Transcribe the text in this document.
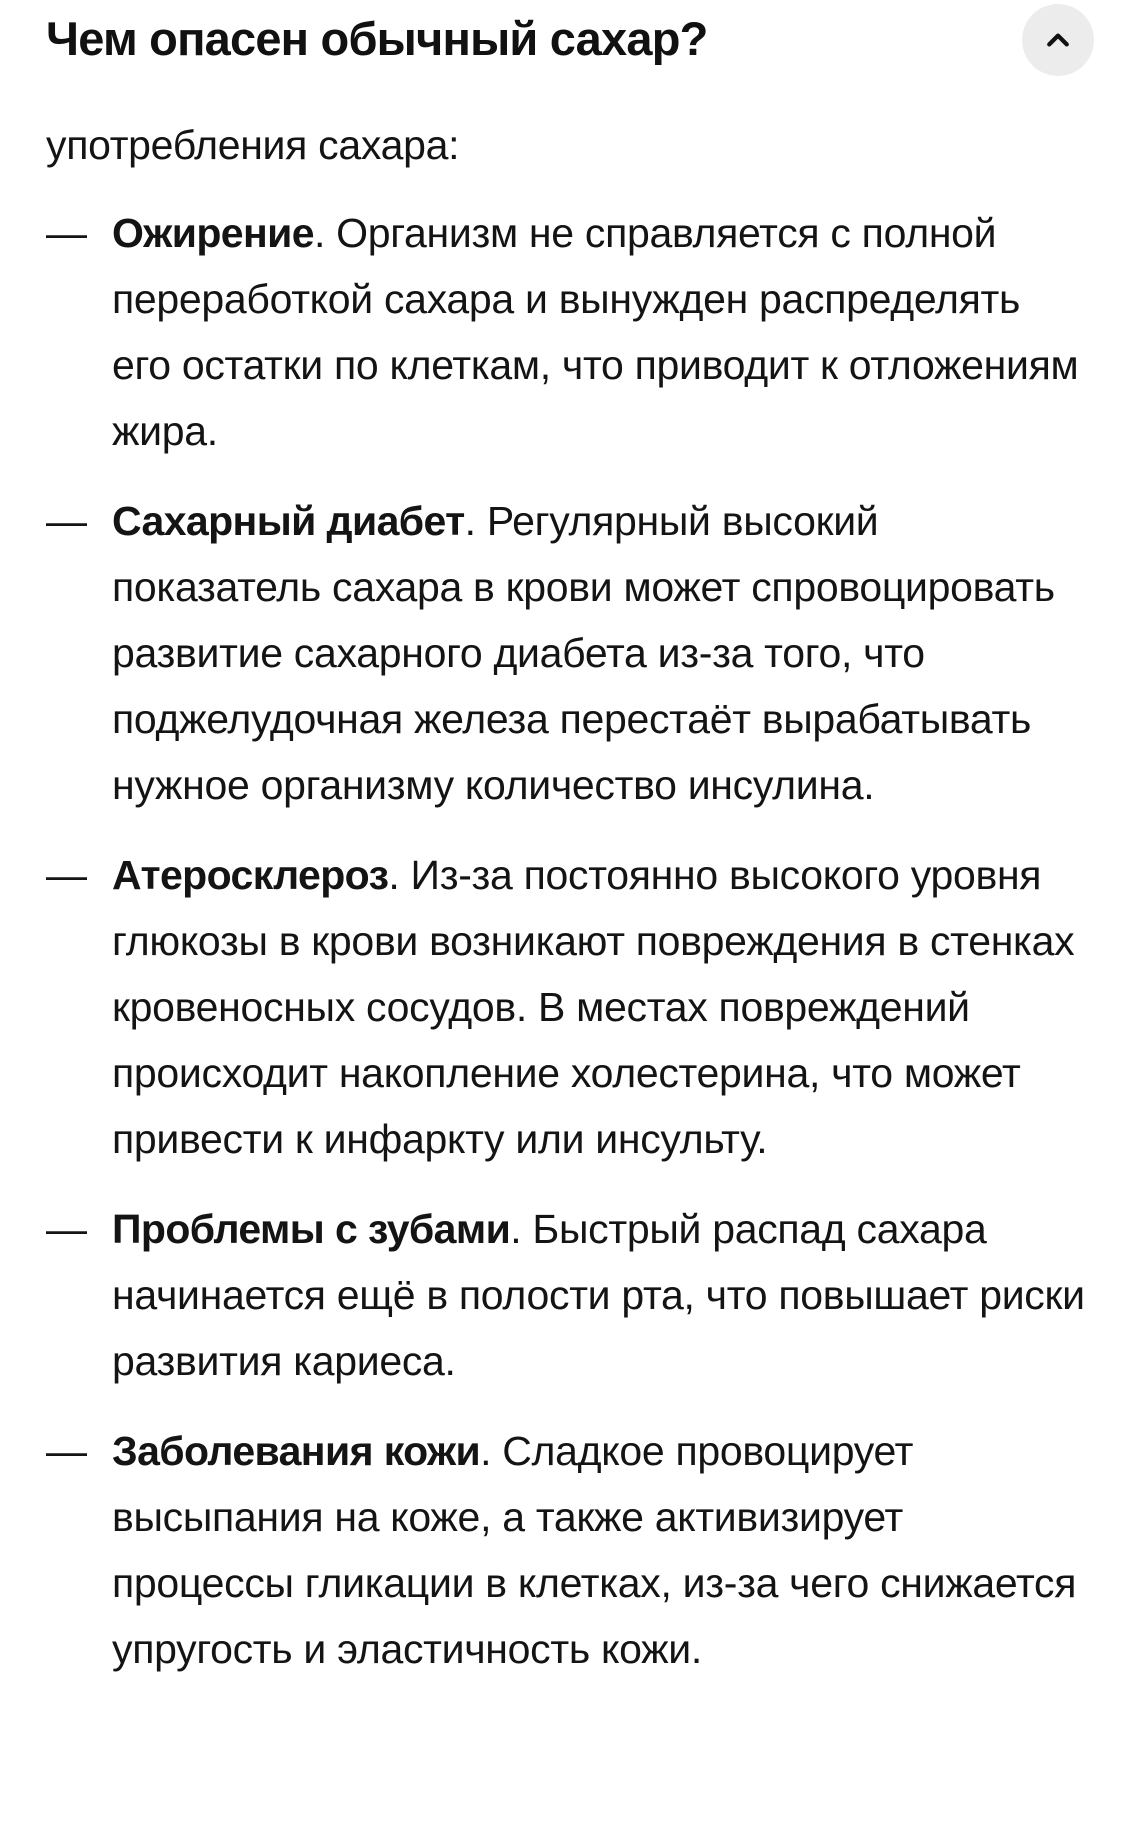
Чем опасен обычный сахар?

употребления сахара:

— Ожирение. Организм не справляется с полной переработкой сахара и вынужден распределять его остатки по клеткам, что приводит к отложениям жира.

— Сахарный диабет. Регулярный высокий показатель сахара в крови может спровоцировать развитие сахарного диабета из-за того, что поджелудочная железа перестаёт вырабатывать нужное организму количество инсулина.

— Атеросклероз. Из-за постоянно высокого уровня глюкозы в крови возникают повреждения в стенках кровеносных сосудов. В местах повреждений происходит накопление холестерина, что может привести к инфаркту или инсульту.

— Проблемы с зубами. Быстрый распад сахара начинается ещё в полости рта, что повышает риски развития кариеса.

— Заболевания кожи. Сладкое провоцирует высыпания на коже, а также активизирует процессы гликации в клетках, из-за чего снижается упругость и эластичность кожи.
